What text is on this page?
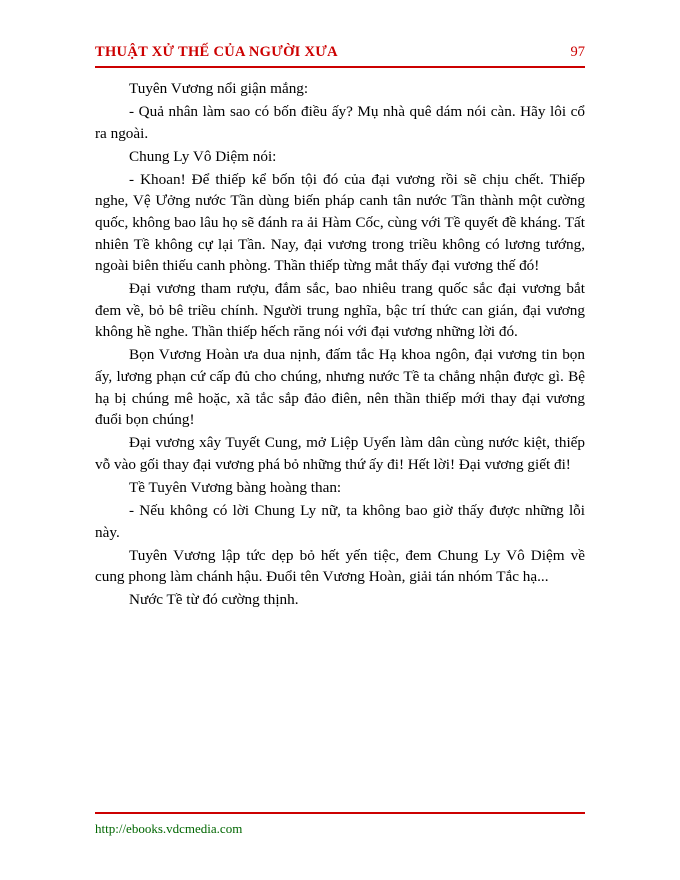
THUẬT XỬ THẾ CỦA NGƯỜI XƯA	97

Tuyên Vương nổi giận mắng:

- Quả nhân làm sao có bốn điều ấy? Mụ nhà quê dám nói càn. Hãy lôi cổ ra ngoài.

Chung Ly Vô Diệm nói:

- Khoan! Để thiếp kể bốn tội đó của đại vương rồi sẽ chịu chết. Thiếp nghe, Vệ Ưởng nước Tần dùng biến pháp canh tân nước Tần thành một cường quốc, không bao lâu họ sẽ đánh ra ải Hàm Cốc, cùng với Tề quyết đề kháng. Tất nhiên Tề không cự lại Tần. Nay, đại vương trong triều không có lương tướng, ngoài biên thiếu canh phòng. Thần thiếp từng mắt thấy đại vương thế đó!

Đại vương tham rượu, đắm sắc, bao nhiêu trang quốc sắc đại vương bắt đem về, bỏ bê triều chính. Người trung nghĩa, bậc trí thức can gián, đại vương không hề nghe. Thần thiếp hếch răng nói với đại vương những lời đó.

Bọn Vương Hoàn ưa dua nịnh, đấm tắc Hạ khoa ngôn, đại vương tin bọn ấy, lương phạn cứ cấp đủ cho chúng, nhưng nước Tề ta chẳng nhận được gì. Bệ hạ bị chúng mê hoặc, xã tắc sắp đảo điên, nên thần thiếp mới thay đại vương đuổi bọn chúng!

Đại vương xây Tuyết Cung, mở Liệp Uyển làm dân cùng nước kiệt, thiếp vỗ vào gối thay đại vương phá bỏ những thứ ấy đi! Hết lời! Đại vương giết đi!

Tề Tuyên Vương bàng hoàng than:

- Nếu không có lời Chung Ly nữ, ta không bao giờ thấy được những lỗi này.

Tuyên Vương lập tức dẹp bỏ hết yến tiệc, đem Chung Ly Vô Diệm về cung phong làm chánh hậu. Đuổi tên Vương Hoàn, giải tán nhóm Tắc hạ...

Nước Tề từ đó cường thịnh.

http://ebooks.vdcmedia.com
